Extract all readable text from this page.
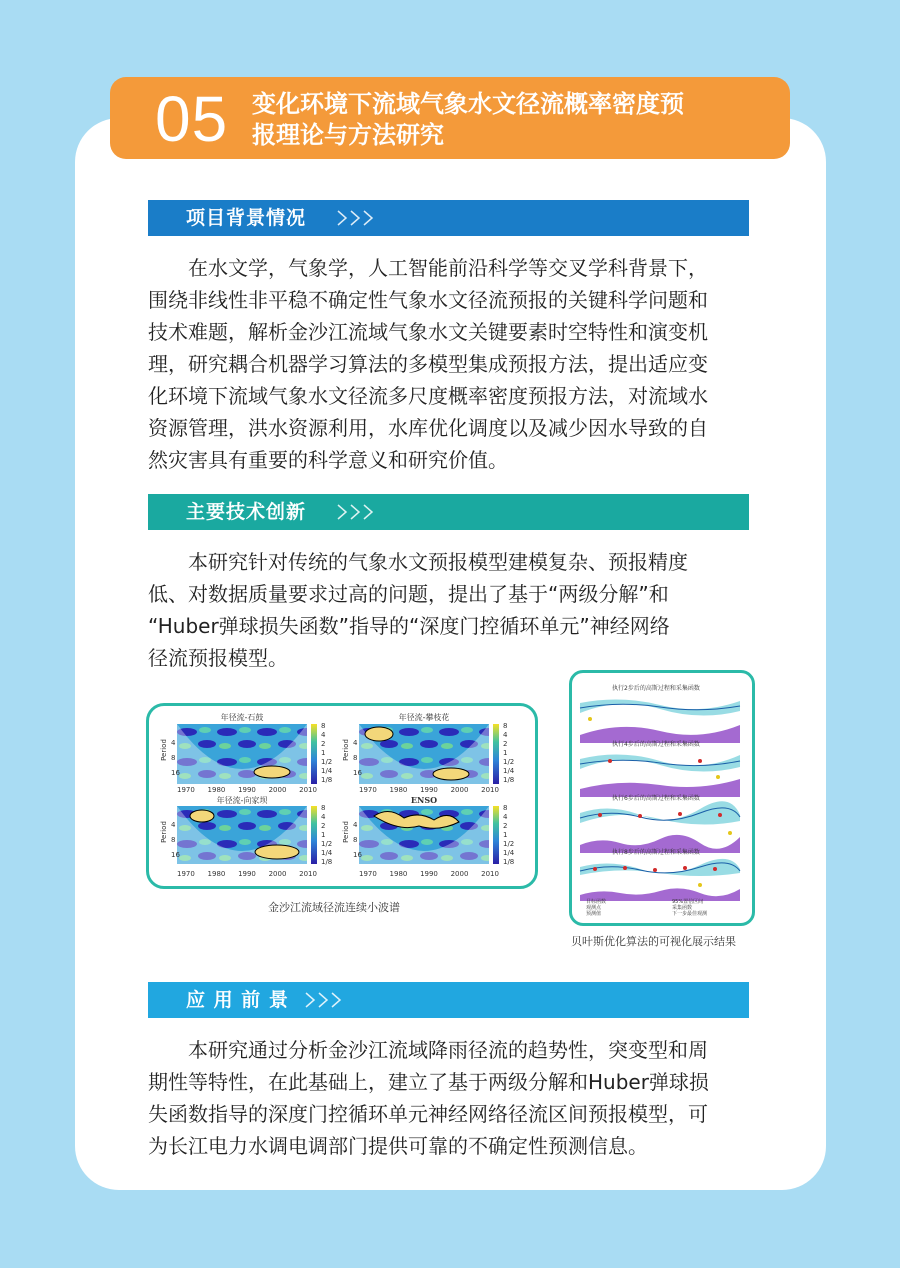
05 变化环境下流域气象水文径流概率密度预
报理论与方法研究
项目背景情况
在水文学，气象学，人工智能前沿科学等交叉学科背景下，
围绕非线性非平稳不确定性气象水文径流预报的关键科学问题和
技术难题，解析金沙江流域气象水文关键要素时空特性和演变机
理，研究耦合机器学习算法的多模型集成预报方法，提出适应变
化环境下流域气象水文径流多尺度概率密度预报方法，对流域水
资源管理，洪水资源利用，水库优化调度以及减少因水导致的自
然灾害具有重要的科学意义和研究价值。
主要技术创新
本研究针对传统的气象水文预报模型建模复杂、预报精度
低、对数据质量要求过高的问题，提出了基于“两级分解”和
“Huber弹球损失函数”指导的“深度门控循环单元”神经网络
径流预报模型。
年径流-石鼓	年径流-攀枝花
年径流-向家坝	ENSO
Period	Period
Period	Period
4
8
16
4
8
16
4
8
16
4
8
16
1970 1980 1990 2000 2010	1970 1980 1990 2000 2010
1970 1980 1990 2000 2010	1970 1980 1990 2000 2010
8
4
2
1
1/2
1/4
1/8
8
4
2
1
1/2
1/4
1/8
8
4
2
1
1/2
1/4
1/8
8
4
2
1
1/2
1/4
1/8
金沙江流域径流连续小波谱
执行2步后的高斯过程和采集函数
执行4步后的高斯过程和采集函数
执行6步后的高斯过程和采集函数
执行8步后的高斯过程和采集函数
目标函数
观测点
预测值
95%置信区间
采集函数
下一步最佳观测
贝叶斯优化算法的可视化展示结果
应 用 前 景
本研究通过分析金沙江流域降雨径流的趋势性，突变型和周
期性等特性，在此基础上，建立了基于两级分解和Huber弹球损
失函数指导的深度门控循环单元神经网络径流区间预报模型，可
为长江电力水调电调部门提供可靠的不确定性预测信息。
